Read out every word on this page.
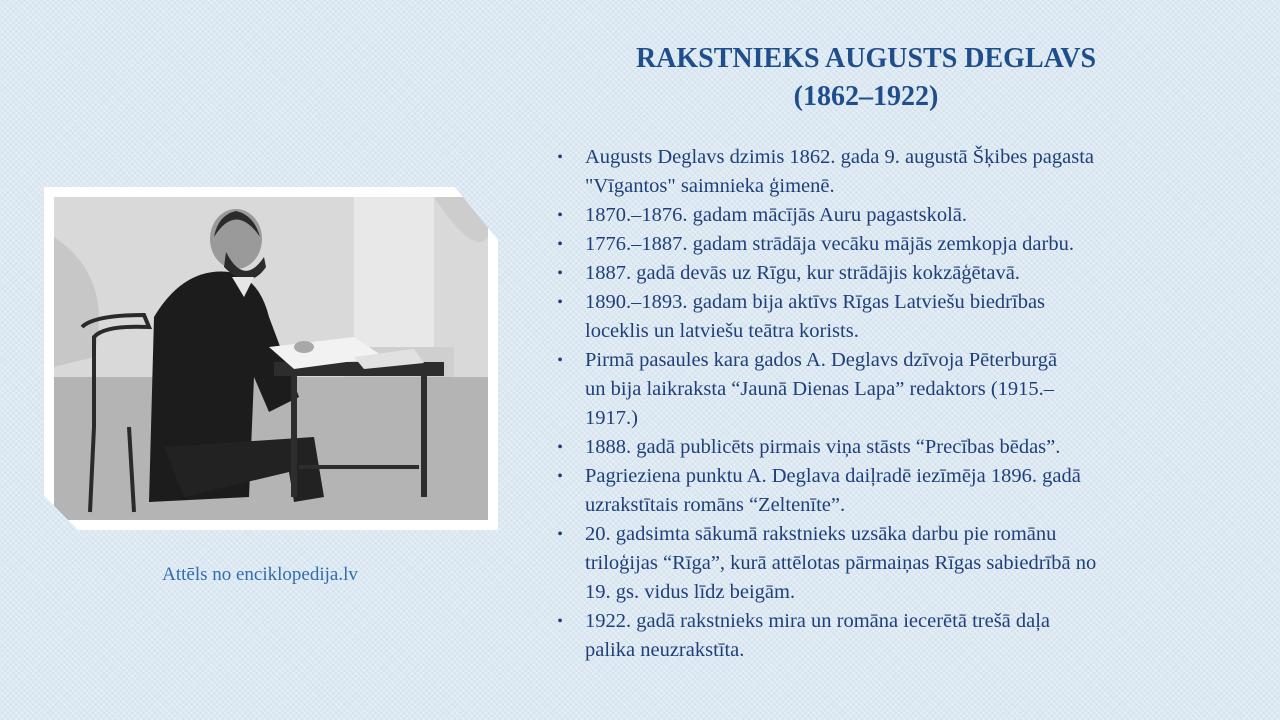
RAKSTNIEKS AUGUSTS DEGLAVS
(1862–1922)
Attēls no enciklopedija.lv
• Augusts Deglavs dzimis 1862. gada 9. augustā Šķibes pagasta
"Vīgantos" saimnieka ģimenē.
• 1870.–1876. gadam mācījās Auru pagastskolā.
• 1776.–1887. gadam strādāja vecāku mājās zemkopja darbu.
• 1887. gadā devās uz Rīgu, kur strādājis kokzāģētavā.
• 1890.–1893. gadam bija aktīvs Rīgas Latviešu biedrības
loceklis un latviešu teātra korists.
• Pirmā pasaules kara gados A. Deglavs dzīvoja Pēterburgā
un bija laikraksta “Jaunā Dienas Lapa” redaktors (1915.–
1917.)
• 1888. gadā publicēts pirmais viņa stāsts “Precības bēdas”.
• Pagrieziena punktu A. Deglava daiļradē iezīmēja 1896. gadā
uzrakstītais romāns “Zeltenīte”.
• 20. gadsimta sākumā rakstnieks uzsāka darbu pie romānu
triloģijas “Rīga”, kurā attēlotas pārmaiņas Rīgas sabiedrībā no
19. gs. vidus līdz beigām.
• 1922. gadā rakstnieks mira un romāna iecerētā trešā daļa
palika neuzrakstīta.
